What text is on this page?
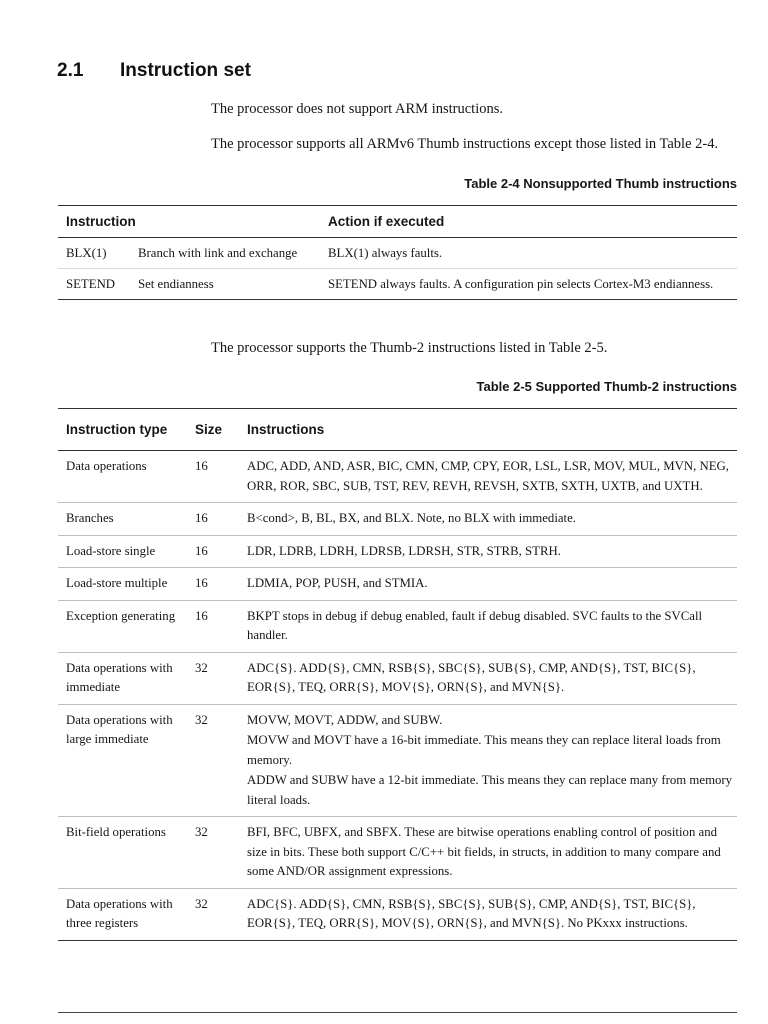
2.1 Instruction set
The processor does not support ARM instructions.
The processor supports all ARMv6 Thumb instructions except those listed in Table 2-4.
Table 2-4 Nonsupported Thumb instructions
Instruction		Action if executed
BLX(1)	Branch with link and exchange	BLX(1) always faults.
SETEND	Set endianness	SETEND always faults. A configuration pin selects Cortex-M3 endianness.
The processor supports the Thumb-2 instructions listed in Table 2-5.
Table 2-5 Supported Thumb-2 instructions
Instruction type	Size	Instructions
Data operations	16	ADC, ADD, AND, ASR, BIC, CMN, CMP, CPY, EOR, LSL, LSR, MOV, MUL, MVN, NEG, ORR, ROR, SBC, SUB, TST, REV, REVH, REVSH, SXTB, SXTH, UXTB, and UXTH.

Branches	16	B<cond>, B, BL, BX, and BLX. Note, no BLX with immediate.

Load-store single	16	LDR, LDRB, LDRH, LDRSB, LDRSH, STR, STRB, STRH.

Load-store multiple	16	LDMIA, POP, PUSH, and STMIA.

Exception generating	16	BKPT stops in debug if debug enabled, fault if debug disabled. SVC faults to the SVCall handler.

Data operations with immediate	32	ADC{S}. ADD{S}, CMN, RSB{S}, SBC{S}, SUB{S}, CMP, AND{S}, TST, BIC{S}, EOR{S}, TEQ, ORR{S}, MOV{S}, ORN{S}, and MVN{S}.

Data operations with large immediate	32	MOVW, MOVT, ADDW, and SUBW.
MOVW and MOVT have a 16-bit immediate. This means they can replace literal loads from memory.
ADDW and SUBW have a 12-bit immediate. This means they can replace many from memory literal loads.

Bit-field operations	32	BFI, BFC, UBFX, and SBFX. These are bitwise operations enabling control of position and size in bits. These both support C/C++ bit fields, in structs, in addition to many compare and some AND/OR assignment expressions.

Data operations with three registers	32	ADC{S}. ADD{S}, CMN, RSB{S}, SBC{S}, SUB{S}, CMP, AND{S}, TST, BIC{S}, EOR{S}, TEQ, ORR{S}, MOV{S}, ORN{S}, and MVN{S}. No PKxxx instructions.
